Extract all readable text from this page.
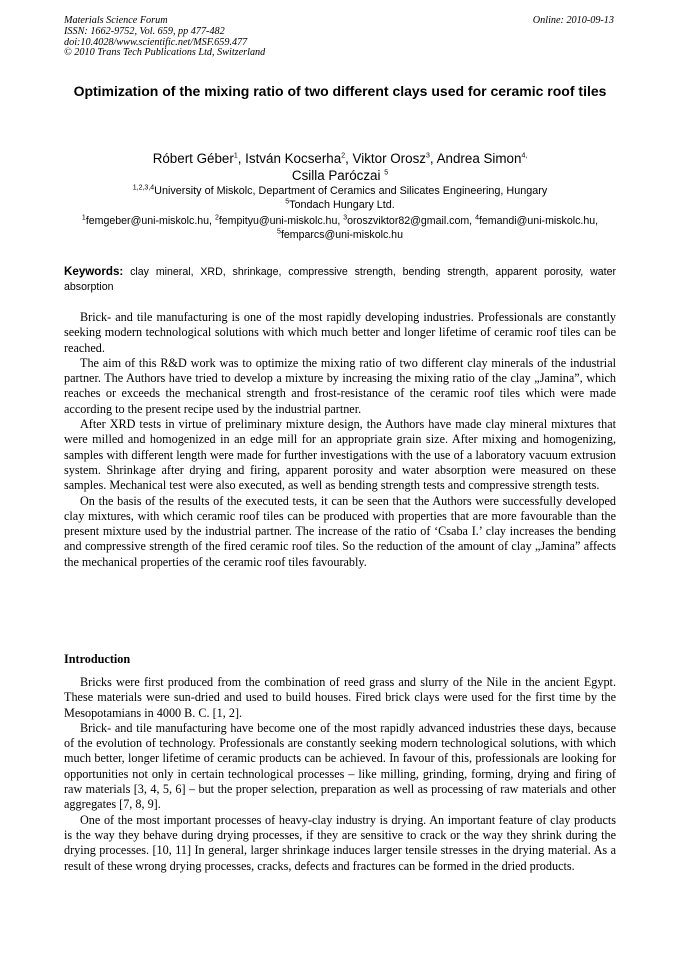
Materials Science Forum
ISSN: 1662-9752, Vol. 659, pp 477-482
doi:10.4028/www.scientific.net/MSF.659.477
© 2010 Trans Tech Publications Ltd, Switzerland
Online: 2010-09-13
Optimization of the mixing ratio of two different clays used for ceramic roof tiles
Róbert Géber$^1$, István Kocserha$^2$, Viktor Orosz$^3$, Andrea Simon$^{4,}$
Csilla Paróczai $^5$
$^{1,2,3,4}$University of Miskolc, Department of Ceramics and Silicates Engineering, Hungary
$^5$Tondach Hungary Ltd.
$^1$femgeber@uni-miskolc.hu, $^2$fempityu@uni-miskolc.hu, $^3$oroszviktor82@gmail.com, $^4$femandi@uni-miskolc.hu, $^5$femparcs@uni-miskolc.hu
Keywords: clay mineral, XRD, shrinkage, compressive strength, bending strength, apparent porosity, water absorption

Brick- and tile manufacturing is one of the most rapidly developing industries. Professionals are constantly seeking modern technological solutions with which much better and longer lifetime of ceramic roof tiles can be reached.

The aim of this R&D work was to optimize the mixing ratio of two different clay minerals of the industrial partner. The Authors have tried to develop a mixture by increasing the mixing ratio of the clay „Jamina”, which reaches or exceeds the mechanical strength and frost-resistance of the ceramic roof tiles which were made according to the present recipe used by the industrial partner.

After XRD tests in virtue of preliminary mixture design, the Authors have made clay mineral mixtures that were milled and homogenized in an edge mill for an appropriate grain size. After mixing and homogenizing, samples with different length were made for further investigations with the use of a laboratory vacuum extrusion system. Shrinkage after drying and firing, apparent porosity and water absorption were measured on these samples. Mechanical test were also executed, as well as bending strength tests and compressive strength tests.

On the basis of the results of the executed tests, it can be seen that the Authors were successfully developed clay mixtures, with which ceramic roof tiles can be produced with properties that are more favourable than the present mixture used by the industrial partner. The increase of the ratio of ‘Csaba I.’ clay increases the bending and compressive strength of the fired ceramic roof tiles. So the reduction of the amount of clay „Jamina” affects the mechanical properties of the ceramic roof tiles favourably.

Introduction

Bricks were first produced from the combination of reed grass and slurry of the Nile in the ancient Egypt. These materials were sun-dried and used to build houses. Fired brick clays were used for the first time by the Mesopotamians in 4000 B. C. [1, 2].

Brick- and tile manufacturing have become one of the most rapidly advanced industries these days, because of the evolution of technology. Professionals are constantly seeking modern technological solutions, with which much better, longer lifetime of ceramic products can be achieved. In favour of this, professionals are looking for opportunities not only in certain technological processes – like milling, grinding, forming, drying and firing of raw materials [3, 4, 5, 6] – but the proper selection, preparation as well as processing of raw materials and other aggregates [7, 8, 9].

One of the most important processes of heavy-clay industry is drying. An important feature of clay products is the way they behave during drying processes, if they are sensitive to crack or the way they shrink during the drying processes. [10, 11] In general, larger shrinkage induces larger tensile stresses in the drying material. As a result of these wrong drying processes, cracks, defects and fractures can be formed in the dried products.
